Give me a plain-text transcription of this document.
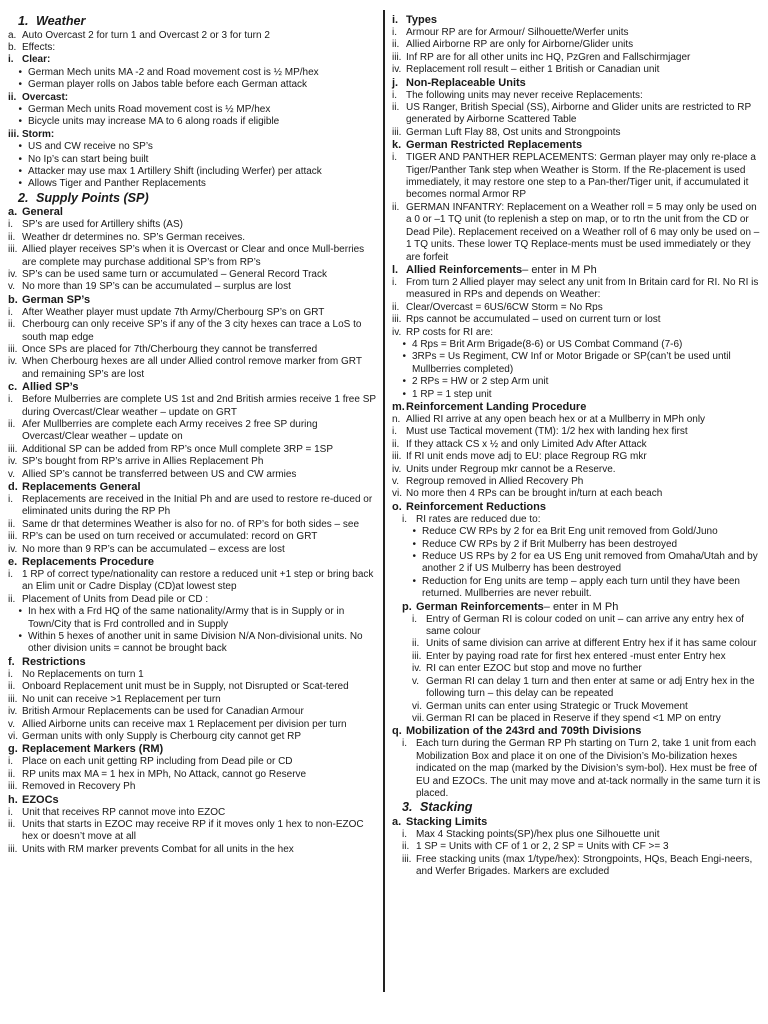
1. Weather
a. Auto Overcast 2 for turn 1 and Overcast 2 or 3 for turn 2
b. Effects:
i. Clear:
• German Mech units MA -2 and Road movement cost is ½ MP/hex
• German player rolls on Jabos table before each German attack
ii. Overcast:
• German Mech units Road movement cost is ½ MP/hex
• Bicycle units may increase MA to 6 along roads if eligible
iii. Storm:
• US and CW receive no SP’s
• No Ip’s can start being built
• Attacker may use max 1 Artillery Shift (including Werfer) per attack
• Allows Tiger and Panther Replacements
2. Supply Points (SP)
a. General
i. SP’s are used for Artillery shifts (AS)
ii. Weather dr determines no. SP’s German receives.
iii. Allied player receives SP’s when it is Overcast or Clear and once Mull-berries are complete may purchase additional SP’s from RP’s
iv. SP’s can be used same turn or accumulated – General Record Track
v. No more than 19 SP’s can be accumulated – surplus are lost
b. German SP’s
i. After Weather player must update 7th Army/Cherbourg SP’s on GRT
ii. Cherbourg can only receive SP’s if any of the 3 city hexes can trace a LoS to south map edge
iii. Once SPs are placed for 7th/Cherbourg they cannot be transferred
iv. When Cherbourg hexes are all under Allied control remove marker from GRT and remaining SP’s are lost
c. Allied SP’s
i. Before Mulberries are complete US 1st and 2nd British armies receive 1 free SP during Overcast/Clear weather – update on GRT
ii. Afer Mullberries are complete each Army receives 2 free SP during Overcast/Clear weather – update on
iii. Additional SP can be added from RP’s once Mull complete 3RP = 1SP
iv. SP’s bought from RP’s arrive in Allies Replacement Ph
v. Allied SP’s cannot be transferred between US and CW armies
d. Replacements General
i. Replacements are received in the Initial Ph and are used to restore re-duced or eliminated units during the RP Ph
ii. Same dr that determines Weather is also for no. of RP’s for both sides – see
iii. RP’s can be used on turn received or accumulated: record on GRT
iv. No more than 9 RP’s can be accumulated – excess are lost
e. Replacements Procedure
i. 1 RP of correct type/nationality can restore a reduced unit +1 step or bring back an Elim unit or Cadre Display (CD)at lowest step
ii. Placement of Units from Dead pile or CD :
• In hex with a Frd HQ of the same nationality/Army that is in Supply or in Town/City that is Frd controlled and in Supply
• Within 5 hexes of another unit in same Division N/A Non-divisional units. No other division units = cannot be brought back
f. Restrictions
i. No Replacements on turn 1
ii. Onboard Replacement unit must be in Supply, not Disrupted or Scat-tered
iii. No unit can receive >1 Replacement per turn
iv. British Armour Replacements can be used for Canadian Armour
v. Allied Airborne units can receive max 1 Replacement per division per turn
vi. German units with only Supply is Cherbourg city cannot get RP
g. Replacement Markers (RM)
i. Place on each unit getting RP including from Dead pile or CD
ii. RP units max MA = 1 hex in MPh, No Attack, cannot go Reserve
iii. Removed in Recovery Ph
h. EZOCs
i. Unit that receives RP cannot move into EZOC
ii. Units that starts in EZOC may receive RP if it moves only 1 hex to non-EZOC hex or doesn’t move at all
iii. Units with RM marker prevents Combat for all units in the hex
i. Types
i. Armour RP are for Armour/ Silhouette/Werfer units
ii. Allied Airborne RP are only for Airborne/Glider units
iii. Inf RP are for all other units inc HQ, PzGren and Fallschirmjager
iv. Replacement roll result – either 1 British or Canadian unit
j. Non-Replaceable Units
i. The following units may never receive Replacements:
ii. US Ranger, British Special (SS), Airborne and Glider units are restricted to RP generated by Airborne Scattered Table
iii. German Luft Flay 88, Ost units and Strongpoints
k. German Restricted Replacements
i. TIGER AND PANTHER REPLACEMENTS: German player may only re-place a Tiger/Panther Tank step when Weather is Storm. If the Re-placement is used immediately, it may restore one step to a Pan-ther/Tiger unit, if accumulated it becomes normal Armor RP
ii. GERMAN INFANTRY: Replacement on a Weather roll = 5 may only be used on a 0 or –1 TQ unit (to replenish a step on map, or to rtn the unit from the CD or Dead Pile). Replacement received on a Weather roll of 6 may only be used on –1 TQ units. These lower TQ Replace-ments must be used immediately or they are forfeit
l. Allied Reinforcements – enter in M Ph
i. From turn 2 Allied player may select any unit from In Britain card for RI. No RI is measured in RPs and depends on Weather:
ii. Clear/Overcast = 6US/6CW Storm = No Rps
iii. Rps cannot be accumulated – used on current turn or lost
iv. RP costs for RI are:
• 4 Rps = Brit Arm Brigade(8-6) or US Combat Command (7-6)
• 3RPs = Us Regiment, CW Inf or Motor Brigade or SP(can’t be used until Mullberries completed)
• 2 RPs = HW or 2 step Arm unit
• 1 RP = 1 step unit
m. Reinforcement Landing Procedure
n. Allied RI arrive at any open beach hex or at a Mullberry in MPh only
i. Must use Tactical movement (TM): 1/2 hex with landing hex first
ii. If they attack CS x ½ and only Limited Adv After Attack
iii. If RI unit ends move adj to EU: place Regroup RG mkr
iv. Units under Regroup mkr cannot be a Reserve.
v. Regroup removed in Allied Recovery Ph
vi. No more then 4 RPs can be brought in/turn at each beach
o. Reinforcement Reductions
i. RI rates are reduced due to:
• Reduce CW RPs by 2 for ea Brit Eng unit removed from Gold/Juno
• Reduce CW RPs by 2 if Brit Mulberry has been destroyed
• Reduce US RPs by 2 for ea US Eng unit removed from Omaha/Utah and by another 2 if US Mulberry has been destroyed
• Reduction for Eng units are temp – apply each turn until they have been returned. Mullberries are never rebuilt.
p. German Reinforcements – enter in M Ph
i. Entry of German RI is colour coded on unit – can arrive any entry hex of same colour
ii. Units of same division can arrive at different Entry hex if it has same colour
iii. Enter by paying road rate for first hex entered -must enter Entry hex
iv. RI can enter EZOC but stop and move no further
v. German RI can delay 1 turn and then enter at same or adj Entry hex in the following turn – this delay can be repeated
vi. German units can enter using Strategic or Truck Movement
vii. German RI can be placed in Reserve if they spend <1 MP on entry
q. Mobilization of the 243rd and 709th Divisions
i. Each turn during the German RP Ph starting on Turn 2, take 1 unit from each Mobilization Box and place it on one of the Division’s Mo-bilization hexes indicated on the map (marked by the Division’s sym-bol). Hex must be free of EU and EZOCs. The unit may move and at-tack normally in the same turn it is placed.
3. Stacking
a. Stacking Limits
i. Max 4 Stacking points(SP)/hex plus one Silhouette unit
ii. 1 SP = Units with CF of 1 or 2, 2 SP = Units with CF >= 3
iii. Free stacking units (max 1/type/hex): Strongpoints, HQs, Beach Engi-neers, and Werfer Brigades. Markers are excluded
